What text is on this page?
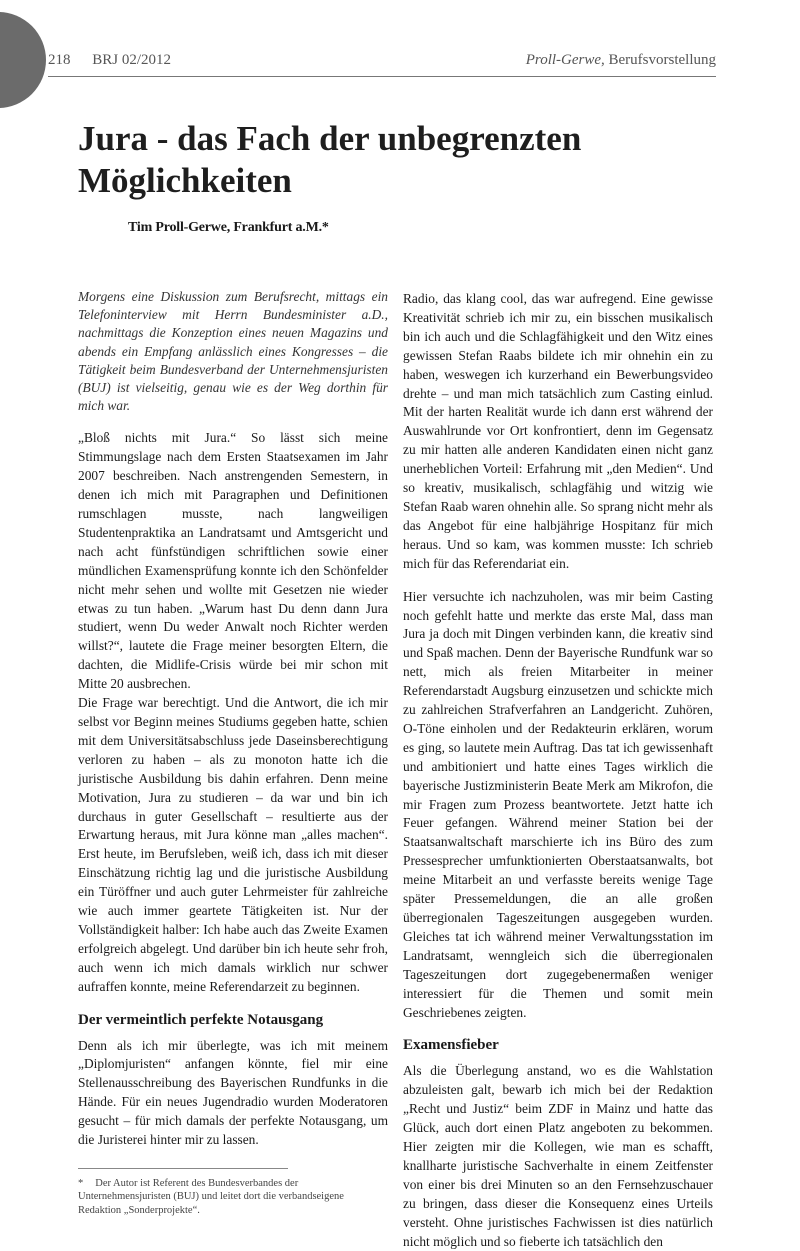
218 BRJ 02/2012	Proll-Gerwe, Berufsvorstellung
Jura - das Fach der unbegrenzten Möglichkeiten
Tim Proll-Gerwe, Frankfurt a.M.*

Morgens eine Diskussion zum Berufsrecht, mittags ein Telefoninterview mit Herrn Bundesminister a.D., nachmittags die Konzeption eines neuen Magazins und abends ein Empfang anlässlich eines Kongresses – die Tätigkeit beim Bundesverband der Unternehmensjuristen (BUJ) ist vielseitig, genau wie es der Weg dorthin für mich war.

„Bloß nichts mit Jura.“ So lässt sich meine Stimmungslage nach dem Ersten Staatsexamen im Jahr 2007 beschreiben. Nach anstrengenden Semestern, in denen ich mich mit Paragraphen und Definitionen rumschlagen musste, nach langweiligen Studentenpraktika an Landratsamt und Amtsgericht und nach acht fünfstündigen schriftlichen sowie einer mündlichen Examensprüfung konnte ich den Schönfelder nicht mehr sehen und wollte mit Gesetzen nie wieder etwas zu tun haben. „Warum hast Du denn dann Jura studiert, wenn Du weder Anwalt noch Richter werden willst?“, lautete die Frage meiner besorgten Eltern, die dachten, die Midlife-Crisis würde bei mir schon mit Mitte 20 ausbrechen.

Die Frage war berechtigt. Und die Antwort, die ich mir selbst vor Beginn meines Studiums gegeben hatte, schien mit dem Universitätsabschluss jede Daseinsberechtigung verloren zu haben – als zu monoton hatte ich die juristische Ausbildung bis dahin erfahren. Denn meine Motivation, Jura zu studieren – da war und bin ich durchaus in guter Gesellschaft – resultierte aus der Erwartung heraus, mit Jura könne man „alles machen“. Erst heute, im Berufsleben, weiß ich, dass ich mit dieser Einschätzung richtig lag und die juristische Ausbildung ein Türöffner und auch guter Lehrmeister für zahlreiche wie auch immer geartete Tätigkeiten ist. Nur der Vollständigkeit halber: Ich habe auch das Zweite Examen erfolgreich abgelegt. Und darüber bin ich heute sehr froh, auch wenn ich mich damals wirklich nur schwer aufraffen konnte, meine Referendarzeit zu beginnen.

Der vermeintlich perfekte Notausgang

Denn als ich mir überlegte, was ich mit meinem „Diplomjuristen“ anfangen könnte, fiel mir eine Stellenausschreibung des Bayerischen Rundfunks in die Hände. Für ein neues Jugendradio wurden Moderatoren gesucht – für mich damals der perfekte Notausgang, um die Juristerei hinter mir zu lassen.

* Der Autor ist Referent des Bundesverbandes der Unternehmensjuristen (BUJ) und leitet dort die verbandseigene Redaktion „Sonderprojekte“.

Radio, das klang cool, das war aufregend. Eine gewisse Kreativität schrieb ich mir zu, ein bisschen musikalisch bin ich auch und die Schlagfähigkeit und den Witz eines gewissen Stefan Raabs bildete ich mir ohnehin ein zu haben, weswegen ich kurzerhand ein Bewerbungsvideo drehte – und man mich tatsächlich zum Casting einlud. Mit der harten Realität wurde ich dann erst während der Auswahlrunde vor Ort konfrontiert, denn im Gegensatz zu mir hatten alle anderen Kandidaten einen nicht ganz unerheblichen Vorteil: Erfahrung mit „den Medien“. Und so kreativ, musikalisch, schlagfähig und witzig wie Stefan Raab waren ohnehin alle. So sprang nicht mehr als das Angebot für eine halbjährige Hospitanz für mich heraus. Und so kam, was kommen musste: Ich schrieb mich für das Referendariat ein.

Hier versuchte ich nachzuholen, was mir beim Casting noch gefehlt hatte und merkte das erste Mal, dass man Jura ja doch mit Dingen verbinden kann, die kreativ sind und Spaß machen. Denn der Bayerische Rundfunk war so nett, mich als freien Mitarbeiter in meiner Referendarstadt Augsburg einzusetzen und schickte mich zu zahlreichen Strafverfahren an Landgericht. Zuhören, O-Töne einholen und der Redakteurin erklären, worum es ging, so lautete mein Auftrag. Das tat ich gewissenhaft und ambitioniert und hatte eines Tages wirklich die bayerische Justizministerin Beate Merk am Mikrofon, die mir Fragen zum Prozess beantwortete. Jetzt hatte ich Feuer gefangen. Während meiner Station bei der Staatsanwaltschaft marschierte ich ins Büro des zum Pressesprecher umfunktionierten Oberstaatsanwalts, bot meine Mitarbeit an und verfasste bereits wenige Tage später Pressemeldungen, die an alle großen überregionalen Tageszeitungen ausgegeben wurden. Gleiches tat ich während meiner Verwaltungsstation im Landratsamt, wenngleich sich die überregionalen Tageszeitungen dort zugegebenermaßen weniger interessiert für die Themen und somit mein Geschriebenes zeigten.

Examensfieber

Als die Überlegung anstand, wo es die Wahlstation abzuleisten galt, bewarb ich mich bei der Redaktion „Recht und Justiz“ beim ZDF in Mainz und hatte das Glück, auch dort einen Platz angeboten zu bekommen. Hier zeigten mir die Kollegen, wie man es schafft, knallharte juristische Sachverhalte in einem Zeitfenster von einer bis drei Minuten so an den Fernsehzuschauer zu bringen, dass dieser die Konsequenz eines Urteils versteht. Ohne juristisches Fachwissen ist dies natürlich nicht möglich und so fieberte ich tatsächlich den
